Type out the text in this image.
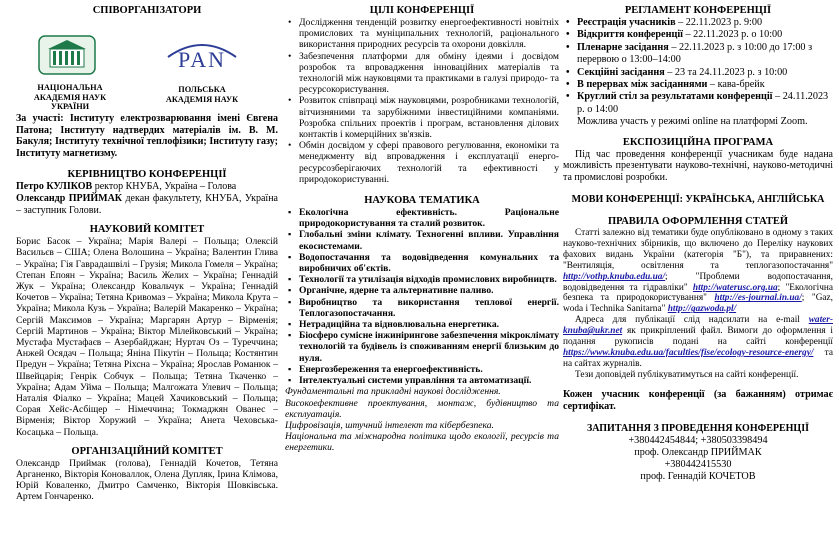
СПІВОРГАНІЗАТОРИ
НАЦІОНАЛЬНА АКАДЕМІЯ НАУК УКРАЇНИ
PAN
ПОЛЬСЬКА АКАДЕМІЯ НАУК
За участі: Інституту електрозварювання імені Євгена Патона; Інституту надтвердих матеріалів ім. В. М. Бакуля; Інституту технічної теплофізики; Інституту газу; Інституту магнетизму.
КЕРІВНИЦТВО КОНФЕРЕНЦІЇ
Петро КУЛІКОВ ректор КНУБА, Україна – Голова
Олександр ПРИЙМАК декан факультету, КНУБА, Україна – заступник Голови.
НАУКОВИЙ КОМІТЕТ
Борис Басок – Україна; Марія Валері – Польща; Олексій Васильєв – США; Олена Волошина – Україна; Валентин Глива – Україна; Гія Гаврадашвілі – Грузія; Микола Гомеля – Україна; Степан Епоян – Україна; Василь Желих – Україна; Геннадій Жук – Україна; Олександр Ковальчук – Україна; Геннадій Кочетов – Україна; Тетяна Кривомаз – Україна; Микола Крута – Україна; Микола Кузь – Україна; Валерій Макаренко – Україна; Сергій Максимов – Україна; Маргарян Артур – Вірменія; Сергій Мартинов – Україна; Віктор Мілейковський – Україна; Мустафа Мустафаєв – Азербайджан; Нуртач Оз – Туреччина; Анжей Осядач – Польща; Яніна Пікутін – Польща; Костянтин Предун – Україна; Тетяна Ріхсна – Україна; Ярослав Романюк – Швейцарія; Генрік Собчук – Польща; Тетяна Ткаченко – Україна; Адам Уйма – Польща; Малгожата Улевич – Польща; Наталія Фіалко – Україна; Мацей Хачиковський – Польща; Сорая Хейс-Асбіщер – Німеччина; Токмаджян Ованес – Вірменія; Віктор Хоружий – Україна; Анета Чеховська-Косацька – Польща.
ОРГАНІЗАЦІЙНИЙ КОМІТЕТ
Олександр Приймак (голова), Геннадій Кочетов, Тетяна Арганенко, Вікторія Коноваллок, Олена Дупляк, Ірина Клімова, Юрій Коваленко, Дмитро Самченко, Вікторія Шовківська. Артем Гончаренко.
ЦІЛІ КОНФЕРЕНЦІЇ
• Дослідження тенденцій розвитку енергоефективності новітніх промислових та муніципальних технологій, раціонального використання природних ресурсів та охорони довкілля.
• Забезпечення платформи для обміну ідеями і досвідом розробок та впровадження інноваційних матеріалів та технологій між науковцями та практиками в галузі природо- та ресурсокористування.
• Розвиток співпраці між науковцями, розробниками технологій, вітчизняними та зарубіжними інвестиційними компаніями. Розробка спільних проектів і програм, встановлення ділових контактів і комерційних зв'язків.
• Обмін досвідом у сфері правового регулювання, економіки та менеджменту від впровадження і експлуатації енерго- ресурсозберігаючих технологій та ефективності у природокористуванні.
НАУКОВА ТЕМАТИКА
▪ Екологічна ефективність. Раціональне природокористування та сталий розвиток.
▪ Глобальні зміни клімату. Техногенні впливи. Управління екосистемами.
▪ Водопостачання та водовідведення комунальних та виробничих об'єктів.
▪ Технології та утилізація відходів промислових виробництв.
▪ Органічне, ядерне та альтернативне паливо.
▪ Виробництво та використання теплової енергії. Теплогазопостачання.
▪ Нетрадиційна та відновлювальна енергетика.
▪ Біосфеpo сумісне інжинірингове забезпечення мікроклімату технологій та будівель із споживанням енергії близьким до нуля.
▪ Енергозбереження та енергоефективність.
▪ Інтелектуальні системи управління та автоматизації.
Фундаментальні та прикладні наукові дослідження.
Високоефективне проектування, монтаж, будівництво та експлуатація.
Цифровізація, штучний інтелект та кібербезпека.
Національна та міжнародна політика щодо екології, ресурсів та енергетики.
РЕГЛАМЕНТ КОНФЕРЕНЦІЇ
• Реєстрація учасників – 22.11.2023 р. 9:00
• Відкриття конференції – 22.11.2023 р. о 10:00
• Пленарне засідання – 22.11.2023 р. з 10:00 до 17:00 з перервою о 13:00–14:00
• Секційні засідання – 23 та 24.11.2023 р. з 10:00
• В перервах між засіданнями – кава-брейк
• Круглий стіл за результатами конференції – 24.11.2023 р. о 14:00
Можлива участь у режимі online на платформі Zoom.
ЕКСПОЗИЦІЙНА ПРОГРАМА
Під час проведення конференції учасникам буде надана можливість презентувати науково-технічні, науково-методичні та промислові розробки.
МОВИ КОНФЕРЕНЦІЇ: УКРАЇНСЬКА, АНГЛІЙСЬКА
ПРАВИЛА ОФОРМЛЕННЯ СТАТЕЙ
Статті залежно від тематики буде опубліковано в одному з таких науково-технічних збірників, що включено до Переліку наукових фахових видань України (категорія "Б"), та приравнених: "Вентиляція, освітлення та теплогазопостачання" http://vothp.knuba.edu.ua/; "Проблеми водопостачання, водовідведення та гідравліки" http://waterusc.org.ua; "Екологічна безпека та природокористування" http://es-journal.in.ua/; "Gaz, woda i Technika Sanitarna" http://gazwoda.pl/
Адреса для публікації слід надсилати на e-mail water-knuba@ukr.net як прикріплений файл. Вимоги до оформлення і подання рукописів подані на сайті конференції https://www.knuba.edu.ua/faculties/fise/ecology-resource-energy/ та на сайтах журналів.
Тези доповідей публікуватимуться на сайті конференції.
Кожен учасник конференції (за бажанням) отримає сертифікат.
ЗАПИТАННЯ З ПРОВЕДЕННЯ КОНФЕРЕНЦІЇ
+380442454844; +380503398494
проф. Олександр ПРИЙМАК
+380442415530
проф. Геннадій КОЧЕТОВ
